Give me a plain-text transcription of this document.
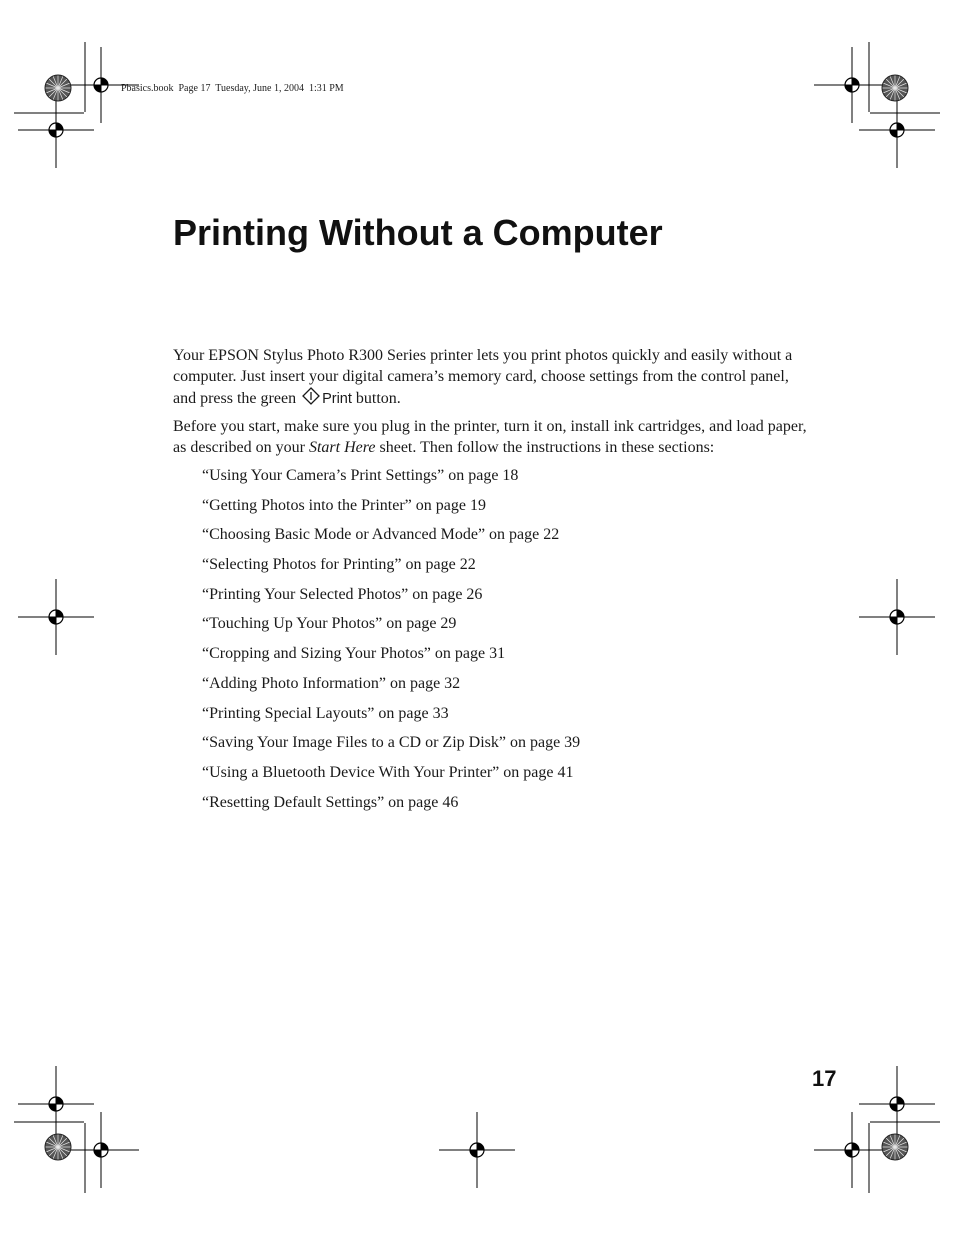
Pbasics.book  Page 17  Tuesday, June 1, 2004  1:31 PM
Printing Without a Computer

Your EPSON Stylus Photo R300 Series printer lets you print photos quickly and easily without a computer. Just insert your digital camera’s memory card, choose settings from the control panel, and press the green Print button.

Before you start, make sure you plug in the printer, turn it on, install ink cartridges, and load paper, as described on your Start Here sheet. Then follow the instructions in these sections:

“Using Your Camera’s Print Settings” on page 18
“Getting Photos into the Printer” on page 19
“Choosing Basic Mode or Advanced Mode” on page 22
“Selecting Photos for Printing” on page 22
“Printing Your Selected Photos” on page 26
“Touching Up Your Photos” on page 29
“Cropping and Sizing Your Photos” on page 31
“Adding Photo Information” on page 32
“Printing Special Layouts” on page 33
“Saving Your Image Files to a CD or Zip Disk” on page 39
“Using a Bluetooth Device With Your Printer” on page 41
“Resetting Default Settings” on page 46
17
